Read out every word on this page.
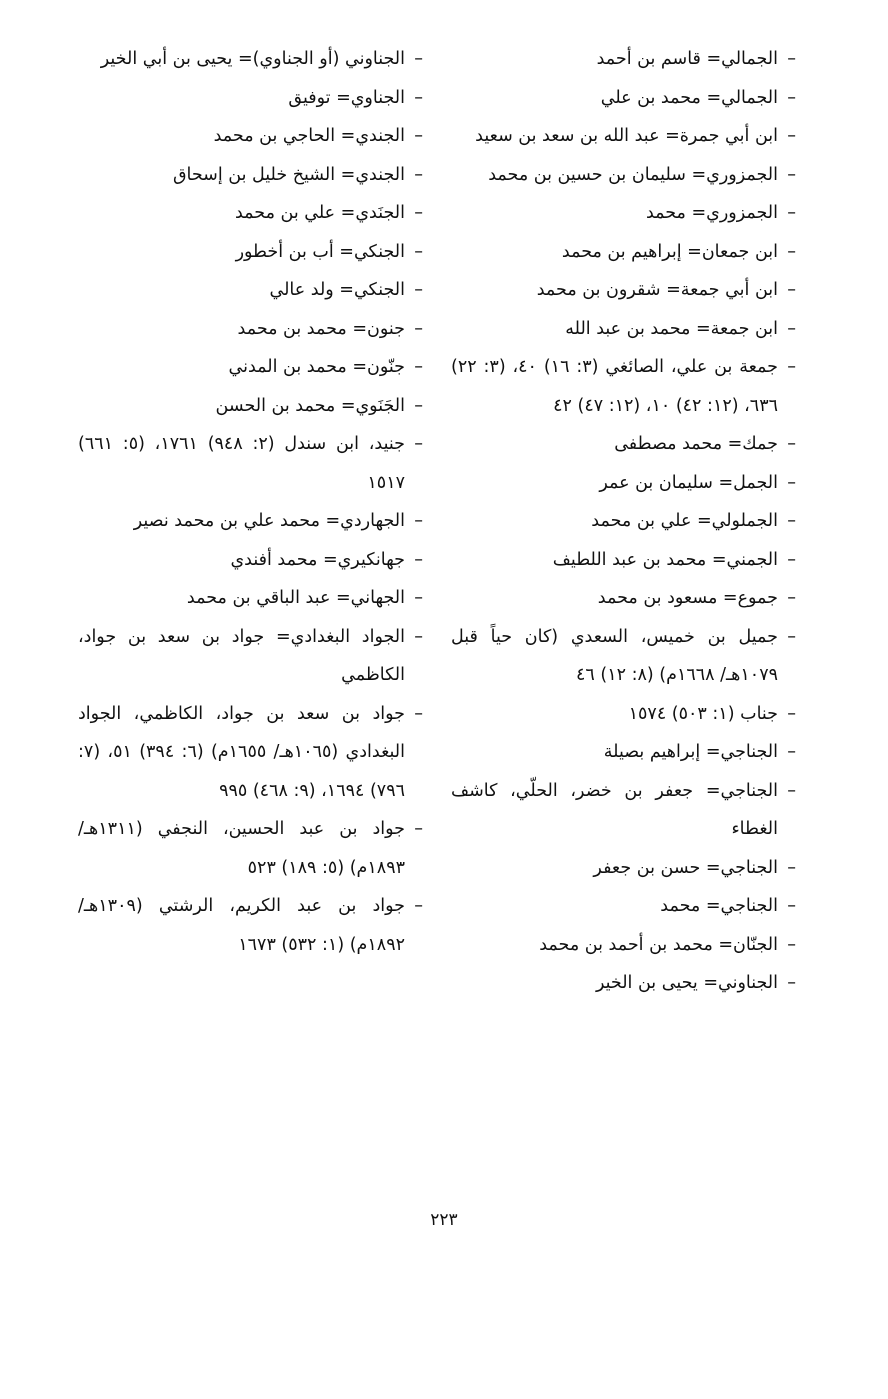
– الجمالي= قاسم بن أحمد
– الجمالي= محمد بن علي
– ابن أبي جمرة= عبد الله بن سعد بن سعيد
– الجمزوري= سليمان بن حسين بن محمد
– الجمزوري= محمد
– ابن جمعان= إبراهيم بن محمد
– ابن أبي جمعة= شقرون بن محمد
– ابن جمعة= محمد بن عبد الله
– جمعة بن علي، الصائغي (٣: ١٦) ٤٠، (٣: ٢٢) ٦٣٦، (١٢: ٤٢) ١٠، (١٢: ٤٧) ٤٢
– جمك= محمد مصطفى
– الجمل= سليمان بن عمر
– الجملولي= علي بن محمد
– الجمني= محمد بن عبد اللطيف
– جموع= مسعود بن محمد
– جميل بن خميس، السعدي (كان حياً قبل ١٠٧٩هـ/ ١٦٦٨م) (٨: ١٢) ٤٦
– جناب (١: ٥٠٣) ١٥٧٤
– الجناجي= إبراهيم بصيلة
– الجناجي= جعفر بن خضر، الحلّي، كاشف الغطاء
– الجناجي= حسن بن جعفر
– الجناجي= محمد
– الجنّان= محمد بن أحمد بن محمد
– الجناوني= يحيى بن الخير
– الجناوني (أو الجناوي)= يحيى بن أبي الخير
– الجناوي= توفيق
– الجندي= الحاجي بن محمد
– الجندي= الشيخ خليل بن إسحاق
– الجنَدي= علي بن محمد
– الجنكي= أب بن أخطور
– الجنكي= ولد عالي
– جنون= محمد بن محمد
– جنّون= محمد بن المدني
– الجَنَوي= محمد بن الحسن
– جنيد، ابن سندل (٢: ٩٤٨) ١٧٦١، (٥: ٦٦١) ١٥١٧
– الجهاردي= محمد علي بن محمد نصير
– جهانكيري= محمد أفندي
– الجهاني= عبد الباقي بن محمد
– الجواد البغدادي= جواد بن سعد بن جواد، الكاظمي
– جواد بن سعد بن جواد، الكاظمي، الجواد البغدادي (١٠٦٥هـ/ ١٦٥٥م) (٦: ٣٩٤) ٥١، (٧: ٧٩٦) ١٦٩٤، (٩: ٤٦٨) ٩٩٥
– جواد بن عبد الحسين، النجفي (١٣١١هـ/ ١٨٩٣م) (٥: ١٨٩) ٥٢٣
– جواد بن عبد الكريم، الرشتي (١٣٠٩هـ/ ١٨٩٢م) (١: ٥٣٢) ١٦٧٣
٢٢٣
